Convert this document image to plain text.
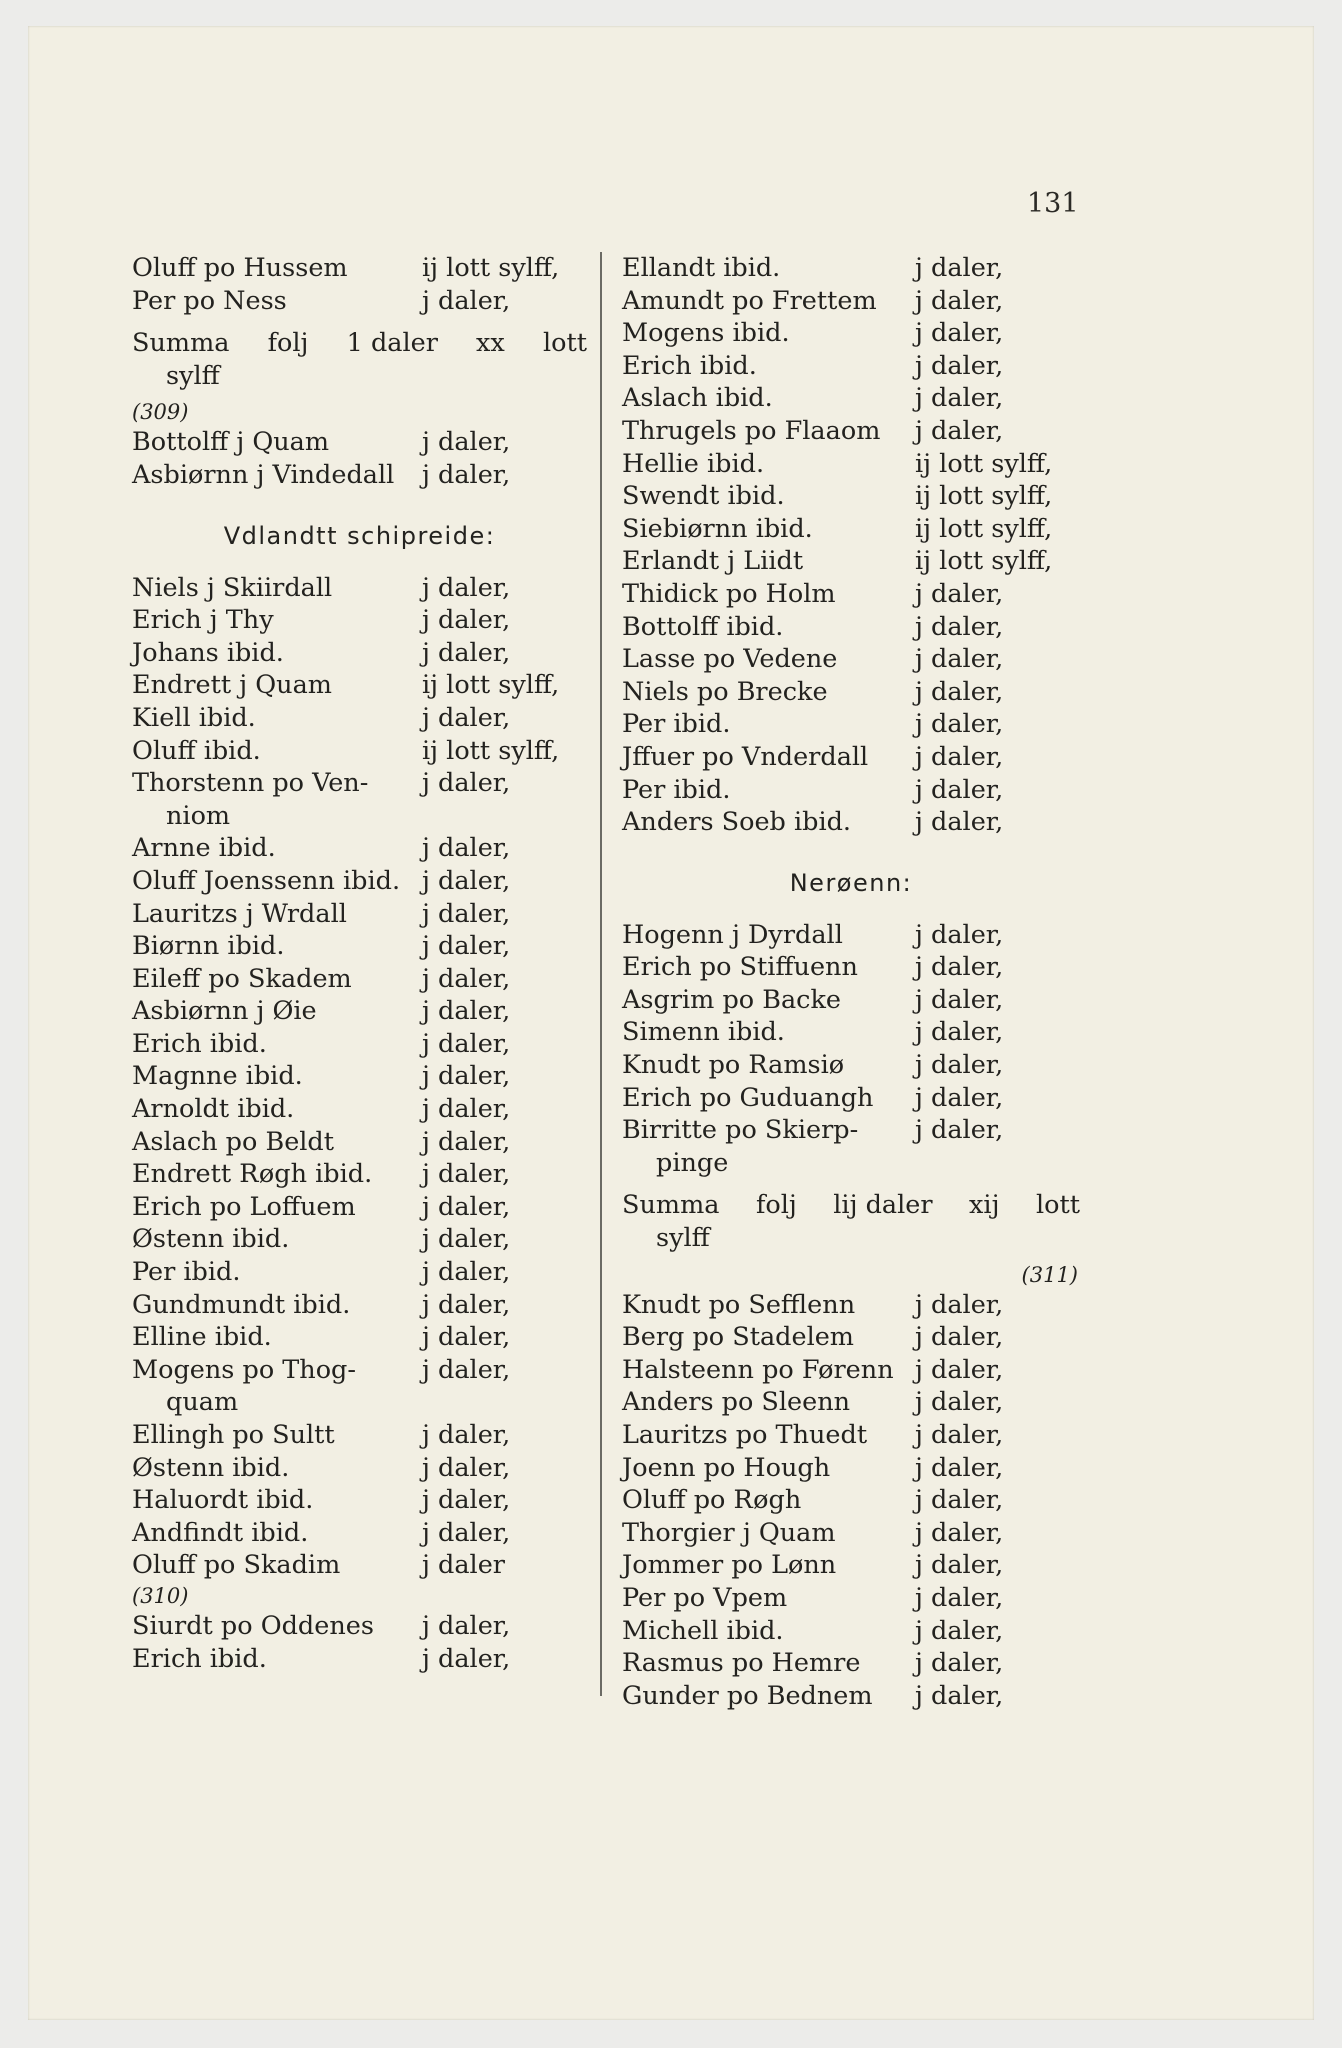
131
Oluff po Hussem	ij lott sylff,
Per po Ness	j daler,
Summa folj 1 daler xx lott
sylff
(309)
Bottolff j Quam	j daler,
Asbiørnn j Vindedall	j daler,
Vdlandtt schipreide:
Niels j Skiirdall	j daler,
Erich j Thy	j daler,
Johans ibid.	j daler,
Endrett j Quam	ij lott sylff,
Kiell ibid.	j daler,
Oluff ibid.	ij lott sylff,
Thorstenn po Ven-	j daler,
niom
Arnne ibid.	j daler,
Oluff Joenssenn ibid. j daler,
Lauritzs j Wrdall	j daler,
Biørnn ibid.	j daler,
Eileff po Skadem	j daler,
Asbiørnn j Øie	j daler,
Erich ibid.	j daler,
Magnne ibid.	j daler,
Arnoldt ibid.	j daler,
Aslach po Beldt	j daler,
Endrett Røgh ibid.	j daler,
Erich po Loffuem	j daler,
Østenn ibid.	j daler,
Per ibid.	j daler,
Gundmundt ibid.	j daler,
Elline ibid.	j daler,
Mogens po Thog-	j daler,
quam
Ellingh po Sultt	j daler,
Østenn ibid.	j daler,
Haluordt ibid.	j daler,
Andfindt ibid.	j daler,
Oluff po Skadim	j daler
(310)
Siurdt po Oddenes	j daler,
Erich ibid.	j daler,
Ellandt ibid.	j daler,
Amundt po Frettem	j daler,
Mogens ibid.	j daler,
Erich ibid.	j daler,
Aslach ibid.	j daler,
Thrugels po Flaaom	j daler,
Hellie ibid.	ij lott sylff,
Swendt ibid.	ij lott sylff,
Siebiørnn ibid.	ij lott sylff,
Erlandt j Liidt	ij lott sylff,
Thidick po Holm	j daler,
Bottolff ibid.	j daler,
Lasse po Vedene	j daler,
Niels po Brecke	j daler,
Per ibid.	j daler,
Jffuer po Vnderdall	j daler,
Per ibid.	j daler,
Anders Soeb ibid.	j daler,
Nerøenn:
Hogenn j Dyrdall	j daler,
Erich po Stiffuenn	j daler,
Asgrim po Backe	j daler,
Simenn ibid.	j daler,
Knudt po Ramsiø	j daler,
Erich po Guduangh	j daler,
Birritte po Skierp-	j daler,
pinge
Summa folj lij daler xij lott
sylff
(311)
Knudt po Sefflenn	j daler,
Berg po Stadelem	j daler,
Halsteenn po Førenn j daler,
Anders po Sleenn	j daler,
Lauritzs po Thuedt	j daler,
Joenn po Hough	j daler,
Oluff po Røgh	j daler,
Thorgier j Quam	j daler,
Jommer po Lønn	j daler,
Per po Vpem	j daler,
Michell ibid.	j daler,
Rasmus po Hemre	j daler,
Gunder po Bednem	j daler,
